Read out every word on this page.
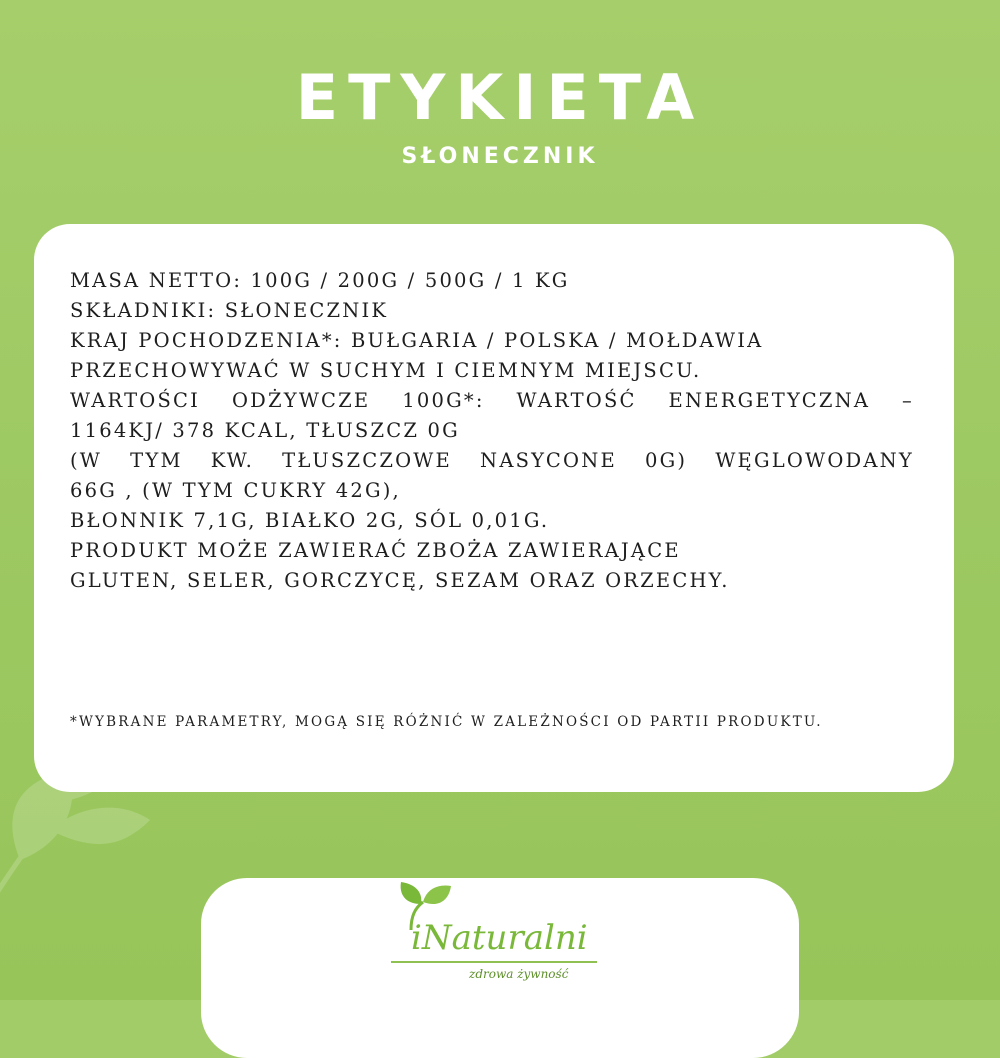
ETYKIETA
SŁONECZNIK
MASA NETTO: 100G / 200G / 500G / 1 KG
SKŁADNIKI: SŁONECZNIK
KRAJ POCHODZENIA*: BUŁGARIA / POLSKA / MOŁDAWIA
PRZECHOWYWAĆ W SUCHYM I CIEMNYM MIEJSCU.
WARTOŚCI ODŻYWCZE 100G*: WARTOŚĆ ENERGETYCZNA –
1164KJ/ 378 KCAL, TŁUSZCZ 0G
(W TYM KW. TŁUSZCZOWE NASYCONE 0G) WĘGLOWODANY
66G , (W TYM CUKRY 42G),
BŁONNIK 7,1G, BIAŁKO 2G, SÓL 0,01G.
PRODUKT MOŻE ZAWIERAĆ ZBOŻA ZAWIERAJĄCE
GLUTEN, SELER, GORCZYCĘ, SEZAM ORAZ ORZECHY.
*WYBRANE PARAMETRY, MOGĄ SIĘ RÓŻNIĆ W ZALEŻNOŚCI OD PARTII PRODUKTU.
iNaturalni
zdrowa żywność
